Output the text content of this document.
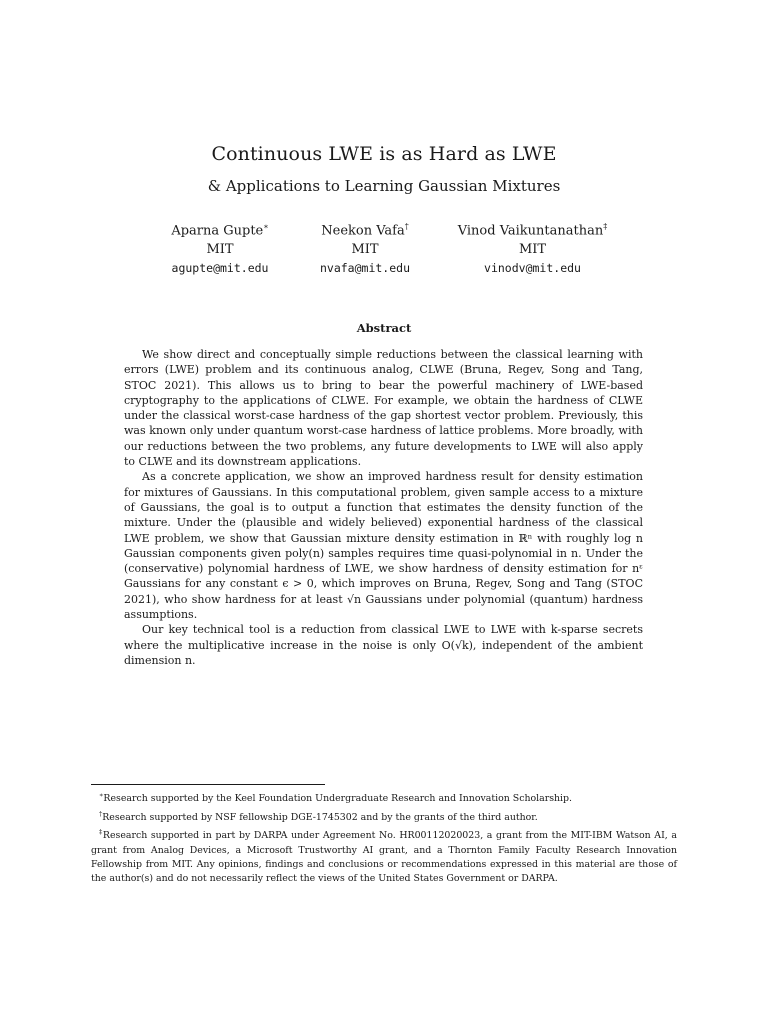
Continuous LWE is as Hard as LWE
& Applications to Learning Gaussian Mixtures
Aparna Gupte∗
MIT
agupte@mit.edu
Neekon Vafa†
MIT
nvafa@mit.edu
Vinod Vaikuntanathan‡
MIT
vinodv@mit.edu
Abstract

We show direct and conceptually simple reductions between the classical learning with errors (LWE) problem and its continuous analog, CLWE (Bruna, Regev, Song and Tang, STOC 2021). This allows us to bring to bear the powerful machinery of LWE-based cryptography to the applications of CLWE. For example, we obtain the hardness of CLWE under the classical worst-case hardness of the gap shortest vector problem. Previously, this was known only under quantum worst-case hardness of lattice problems. More broadly, with our reductions between the two problems, any future developments to LWE will also apply to CLWE and its downstream applications.

As a concrete application, we show an improved hardness result for density estimation for mixtures of Gaussians. In this computational problem, given sample access to a mixture of Gaussians, the goal is to output a function that estimates the density function of the mixture. Under the (plausible and widely believed) exponential hardness of the classical LWE problem, we show that Gaussian mixture density estimation in ℝⁿ with roughly log n Gaussian components given poly(n) samples requires time quasi-polynomial in n. Under the (conservative) polynomial hardness of LWE, we show hardness of density estimation for nᵋ Gaussians for any constant ϵ > 0, which improves on Bruna, Regev, Song and Tang (STOC 2021), who show hardness for at least √n Gaussians under polynomial (quantum) hardness assumptions.

Our key technical tool is a reduction from classical LWE to LWE with k-sparse secrets where the multiplicative increase in the noise is only O(√k), independent of the ambient dimension n.

∗Research supported by the Keel Foundation Undergraduate Research and Innovation Scholarship.

†Research supported by NSF fellowship DGE-1745302 and by the grants of the third author.

‡Research supported in part by DARPA under Agreement No. HR00112020023, a grant from the MIT-IBM Watson AI, a grant from Analog Devices, a Microsoft Trustworthy AI grant, and a Thornton Family Faculty Research Innovation Fellowship from MIT. Any opinions, findings and conclusions or recommendations expressed in this material are those of the author(s) and do not necessarily reflect the views of the United States Government or DARPA.
